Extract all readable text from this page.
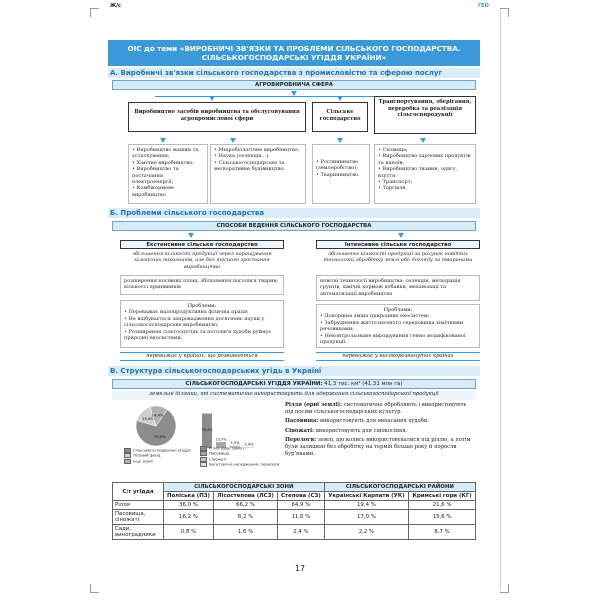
Ж/с	ГЕО
ОІС до теми «ВИРОБНИЧІ ЗВ'ЯЗКИ ТА ПРОБЛЕМИ СІЛЬСЬКОГО ГОСПОДАРСТВА. СІЛЬСЬКОГОСПОДАРСЬКІ УГІДДЯ УКРАЇНИ»
А. Виробничі зв'язки сільського господарства з промисловістю та сферою послуг
АГРОВИРОБНИЧА СФЕРА
Виробництво засобів виробництва та обслуговування агропромислової сфери
Сільське господарство
Транспортування, зберігання, переробка та реалізація сільгосппродукції
• Виробництво машин та устаткування;
• Хімічне виробництво;
• Виробництво та постачання електроенергії;
• Комбікормове виробництво
• Мікробіологічне виробництво;
• Наука (селекція...);
• Сільськогосподарське та меліоративне будівництво.
• Рослинництво (землеробство);
• Тваринництво.
• Сховища;
• Виробництво харчових продуктів та напоїв;
• Виробництво тканин, одягу, взуття;
• Транспорт;
• Торгівля.
Б. Проблеми сільського господарства
СПОСОБИ ВЕДЕННЯ СІЛЬСЬКОГО ГОСПОДАРСТВА
Екстенсивне сільське господарство
збільшення кількості продукції через нарощування кількісних показників, але без якісного зростання виробництва
розширення посівних площ, збільшення поголів'я тварин, кількості працівників
Проблеми:
• Переважає малопродуктивна фізична праця;
• Не відбувається запровадження досягнень науки у сільськогосподарське виробництво;
• Розширення сільгоспугідь та поголів'я худоби руйнує природні екосистеми.
переважає у країнах, що розвиваються
Інтенсивне сільське господарство
збільшення кількості продукції за рахунок новітніх технологій обробітку землі або догляду за тваринами
новітні технології виробництва: селекція, меліорація ґрунтів, хімічні кормові добавки, механізації та автоматизації виробництва
Проблеми:
• Докорінна зміна природних екосистем;
• Забруднення життєзначного середовища хімічними речовинами;
• Неконтрольоване вирощування генно модифікованої продукції.
переважає у високорозвинутих країнах
В. Структура сільськогосподарських угідь в Україні
СІЛЬСЬКОГОСПОДАРСЬКІ УГІДДЯ УКРАЇНИ: 41,3 тис. км² (41,31 млн га)
земельні ділянки, які систематично використовують для одержання сільськогосподарської продукції
70,0%
15,6%
14,4%
78,4%
13,7%
5,5% 2,4%
Сільськогосподарські угіддя
Лісовий фонд
Інші землі
Рілля (орні землі)
Пасовища
Сіножаті
Багаторічні насадження, перелоги
Рілля (орні землі): систематично обробляють і використовують під посіви сільськогосподарських культур.
Пасовища: використовують для випасання худоби.
Сіножаті: використовують для сінокосіння.
Перелоги: землі, що колись використовувалися під ріллю, а потім були залишені без обробітку на термін більше року й поросли бур'янами.
С/г угіддя	СІЛЬСЬКОГОСПОДАРСЬКІ ЗОНИ			СІЛЬСЬКОГОСПОДАРСЬКІ РАЙОНИ	
	Поліська (ПЗ)	Лісостепова (ЛСЗ)	Степова (СЗ)	Українські Карпати (УК)	Кримські гори (КГ)
Рілля	36,0 %	66,2 %	64,9 %	19,4 %	21,6 %
Пасовища, сіножаті	16,2 %	8,2 %	11,6 %	17,0 %	15,6 %
Сади, виноградники	0,8 %	1,6 %	2,4 %	2,2 %	8,7 %
17
